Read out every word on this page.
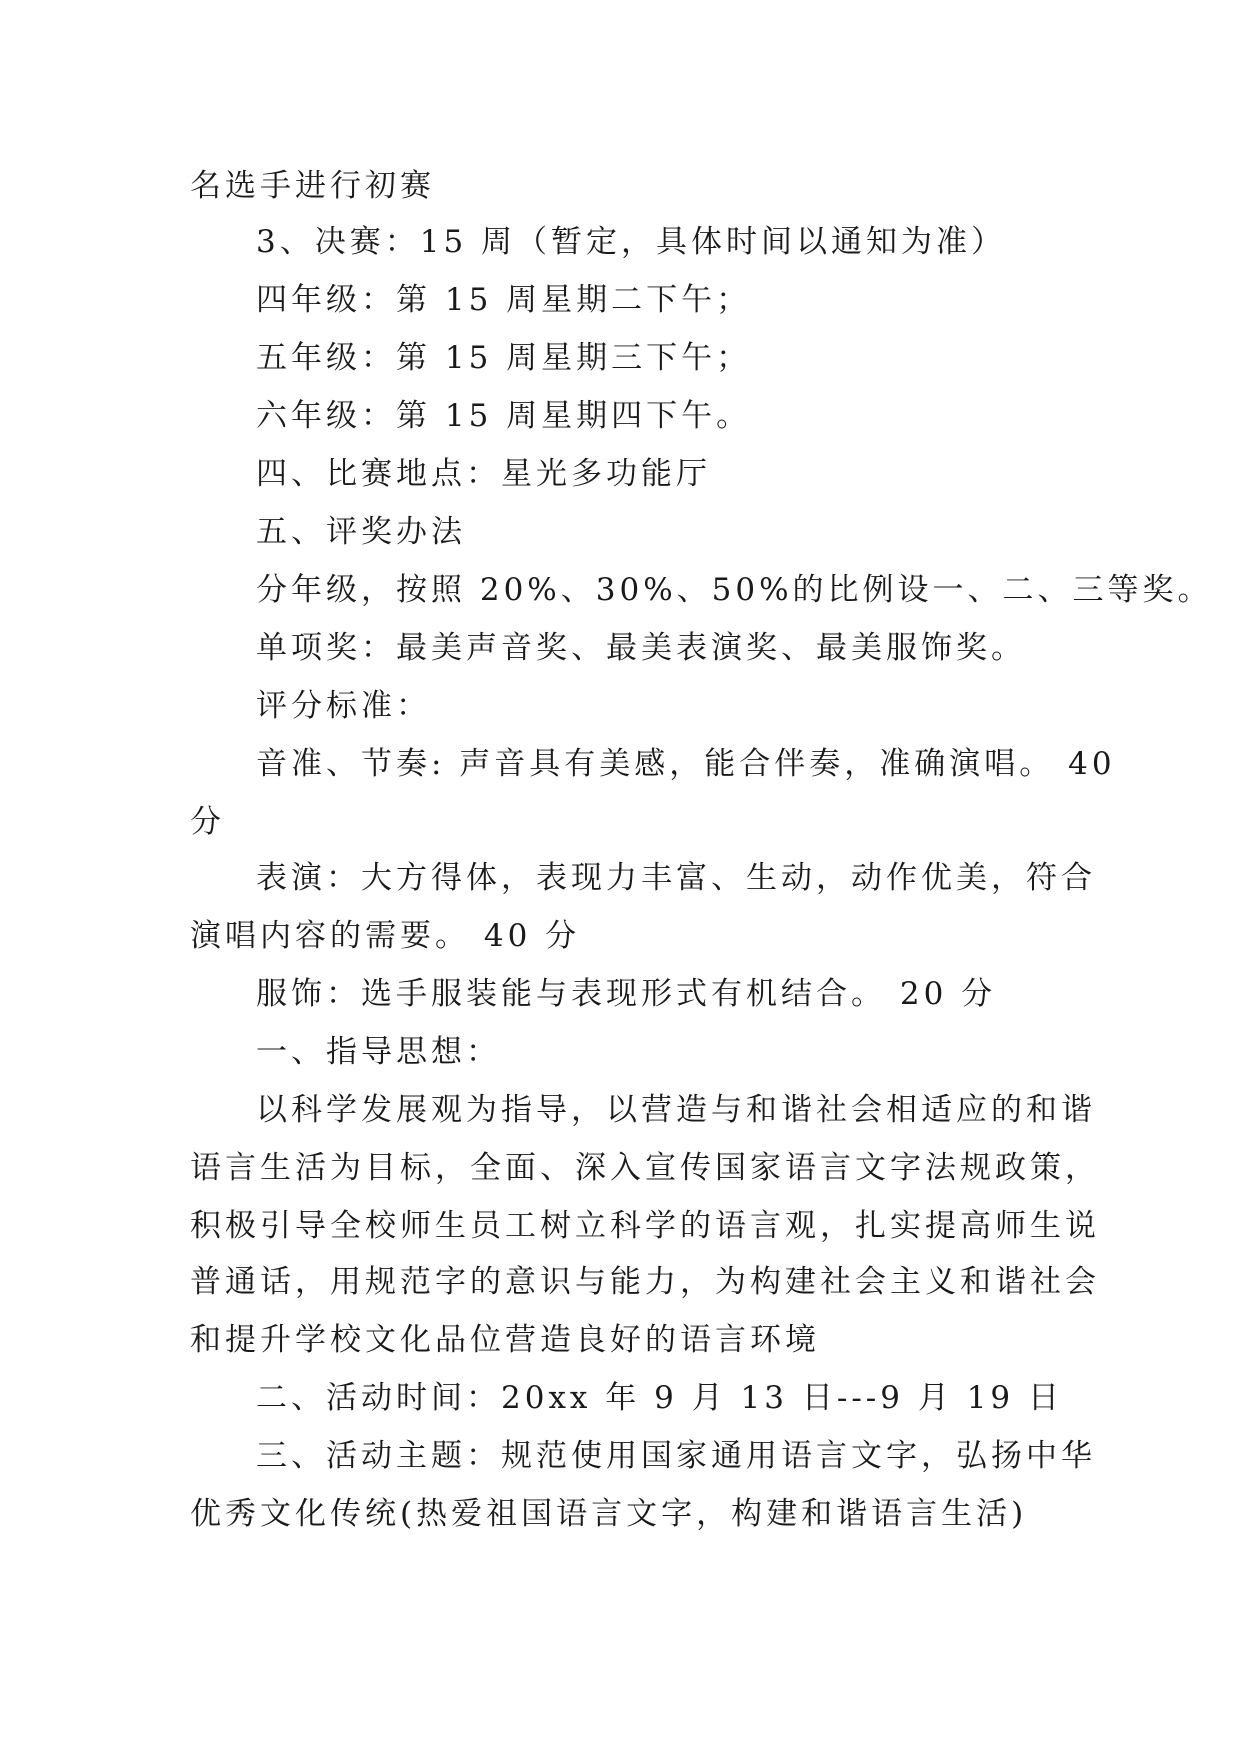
名选手进行初赛

3、决赛：15 周（暂定，具体时间以通知为准）

四年级：第 15 周星期二下午；

五年级：第 15 周星期三下午；

六年级：第 15 周星期四下午。

四、比赛地点：星光多功能厅

五、评奖办法

分年级，按照 20%、30%、50%的比例设一、二、三等奖。

单项奖：最美声音奖、最美表演奖、最美服饰奖。

评分标准：

音准、节奏: 声音具有美感，能合伴奏，准确演唱。 40

分

表演：大方得体，表现力丰富、生动，动作优美，符合

演唱内容的需要。 40 分

服饰：选手服装能与表现形式有机结合。 20 分

一、指导思想：

以科学发展观为指导，以营造与和谐社会相适应的和谐

语言生活为目标，全面、深入宣传国家语言文字法规政策，

积极引导全校师生员工树立科学的语言观，扎实提高师生说

普通话，用规范字的意识与能力，为构建社会主义和谐社会

和提升学校文化品位营造良好的语言环境

二、活动时间：20xx 年 9 月 13 日---9 月 19 日

三、活动主题：规范使用国家通用语言文字，弘扬中华

优秀文化传统(热爱祖国语言文字，构建和谐语言生活)
